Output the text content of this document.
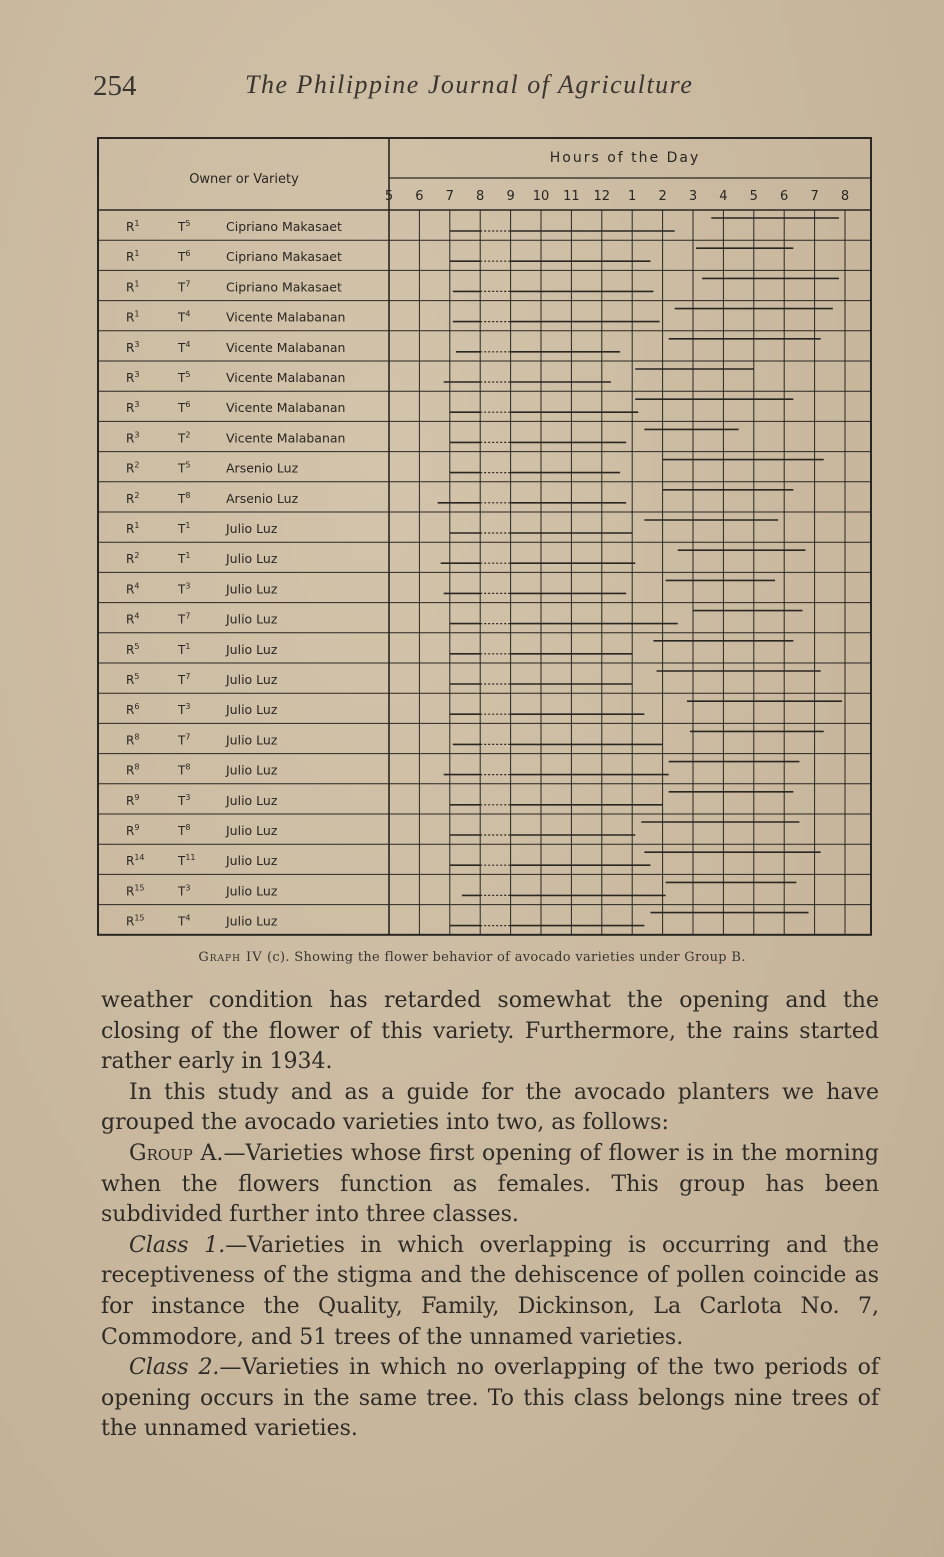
254	The Philippine Journal of Agriculture
Owner or Variety
Hours of the Day
5 6 7 8 9 10 11 12 1 2 3 4 5 6 7 8
$R^1$	$T^5$	Cipriano Makasaet
$R^1$	$T^6$	Cipriano Makasaet
$R^1$	$T^7$	Cipriano Makasaet
$R^1$	$T^4$	Vicente Malabanan
$R^3$	$T^4$	Vicente Malabanan
$R^3$	$T^5$	Vicente Malabanan
$R^3$	$T^6$	Vicente Malabanan
$R^3$	$T^2$	Vicente Malabanan
$R^2$	$T^5$	Arsenio Luz
$R^2$	$T^8$	Arsenio Luz
$R^1$	$T^1$	Julio Luz
$R^2$	$T^1$	Julio Luz
$R^4$	$T^3$	Julio Luz
$R^4$	$T^7$	Julio Luz
$R^5$	$T^1$	Julio Luz
$R^5$	$T^7$	Julio Luz
$R^6$	$T^3$	Julio Luz
$R^8$	$T^7$	Julio Luz
$R^8$	$T^8$	Julio Luz
$R^9$	$T^3$	Julio Luz
$R^9$	$T^8$	Julio Luz
$R^{14}$	$T^{11}$ Julio Luz
$R^{15}$	$T^3$	Julio Luz
$R^{15}$	$T^4$	Julio Luz
Graph IV (c). Showing the flower behavior of avocado varieties under Group B.

weather condition has retarded somewhat the opening and the closing of the flower of this variety. Furthermore, the rains started rather early in 1934.

In this study and as a guide for the avocado planters we have grouped the avocado varieties into two, as follows:

Group A.—Varieties whose first opening of flower is in the morning when the flowers function as females. This group has been subdivided further into three classes.

Class 1.—Varieties in which overlapping is occurring and the receptiveness of the stigma and the dehiscence of pollen coincide as for instance the Quality, Family, Dickinson, La Carlota No. 7, Commodore, and 51 trees of the unnamed varieties.

Class 2.—Varieties in which no overlapping of the two periods of opening occurs in the same tree. To this class belongs nine trees of the unnamed varieties.
